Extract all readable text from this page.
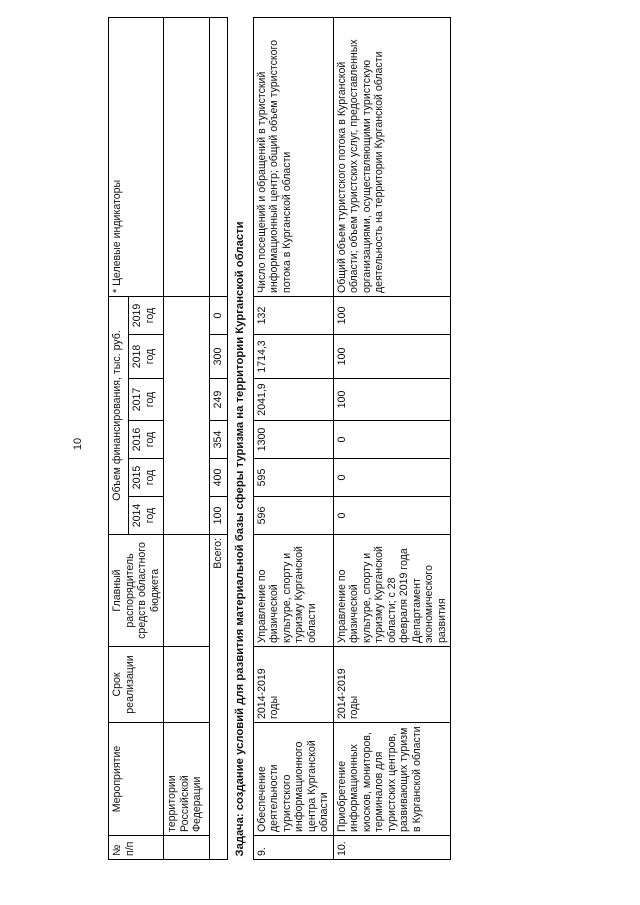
10
№ п/п	Мероприятие	Срок реализации	Главный распорядитель средств областного бюджета	Объем финансирования, тыс. руб.						* Целевые индикаторы
				2014 год	2015 год	2016 год	2017 год	2018 год	2019 год	
	территории Российской Федерации									
Всего:				100	400	354	249	300	0	
Задача: создание условий для развития материальной базы сферы туризма на территории Курганской области										
9.	Обеспечение деятельности туристского информационного центра Курганской области	2014-2019 годы	Управление по физической культуре, спорту и туризму Курганской области	596	595	1300	2041,9	1714,3	132	Число посещений и обращений в туристский информационный центр; общий объем туристского потока в Курганской области
10.	Приобретение информационных киосков, мониторов, терминалов для туристских центров, развивающих туризм в Курганской области	2014-2019 годы	Управление по физической культуре, спорту и туризму Курганской области; с 28 февраля 2019 года Департамент экономического развития	0	0	0	100	100	100	Общий объем туристского потока в Курганской области; объем туристских услуг, предоставленных организациями, осуществляющими туристскую деятельность на территории Курганской области
